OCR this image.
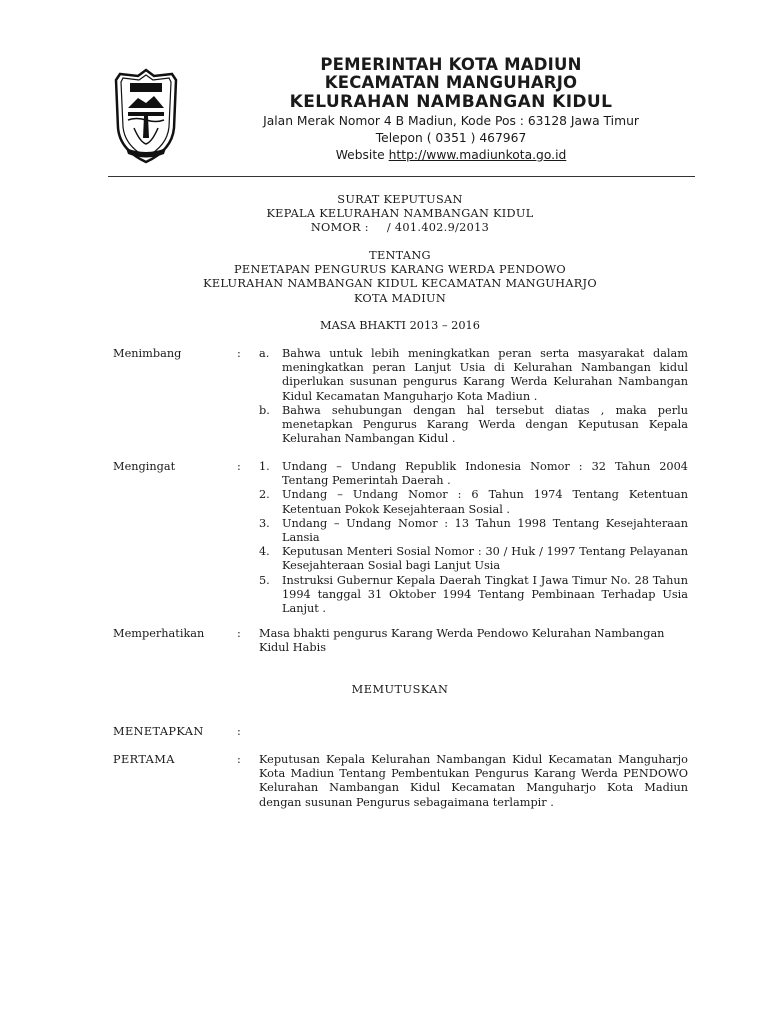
PEMERINTAH KOTA MADIUN
KECAMATAN MANGUHARJO
KELURAHAN NAMBANGAN KIDUL
Jalan Merak Nomor 4 B Madiun, Kode Pos : 63128 Jawa Timur
Telepon ( 0351 ) 467967
Website http://www.madiunkota.go.id
SURAT KEPUTUSAN
KEPALA KELURAHAN NAMBANGAN KIDUL
NOMOR : / 401.402.9/2013
TENTANG
PENETAPAN PENGURUS KARANG WERDA PENDOWO
KELURAHAN NAMBANGAN KIDUL KECAMATAN MANGUHARJO
KOTA MADIUN
MASA BHAKTI 2013 – 2016
Menimbang	: a. Bahwa untuk lebih meningkatkan peran serta masyarakat dalam meningkatkan peran Lanjut Usia di Kelurahan Nambangan kidul diperlukan susunan pengurus Karang Werda Kelurahan Nambangan Kidul Kecamatan Manguharjo Kota Madiun .
b. Bahwa sehubungan dengan hal tersebut diatas , maka perlu menetapkan Pengurus Karang Werda dengan Keputusan Kepala Kelurahan Nambangan Kidul .
Mengingat	: 1. Undang – Undang Republik Indonesia Nomor : 32 Tahun 2004 Tentang Pemerintah Daerah .
2. Undang – Undang Nomor : 6 Tahun 1974 Tentang Ketentuan Ketentuan Pokok Kesejahteraan Sosial .
3. Undang – Undang Nomor : 13 Tahun 1998 Tentang Kesejahteraan Lansia
4. Keputusan Menteri Sosial Nomor : 30 / Huk / 1997 Tentang Pelayanan Kesejahteraan Sosial bagi Lanjut Usia
5. Instruksi Gubernur Kepala Daerah Tingkat I Jawa Timur No. 28 Tahun 1994 tanggal 31 Oktober 1994 Tentang Pembinaan Terhadap Usia Lanjut .
Memperhatikan	: Masa bhakti pengurus Karang Werda Pendowo Kelurahan Nambangan Kidul Habis
MEMUTUSKAN
MENETAPKAN	:
PERTAMA	: Keputusan Kepala Kelurahan Nambangan Kidul Kecamatan Manguharjo Kota Madiun Tentang Pembentukan Pengurus Karang Werda PENDOWO Kelurahan Nambangan Kidul Kecamatan Manguharjo Kota Madiun dengan susunan Pengurus sebagaimana terlampir .
